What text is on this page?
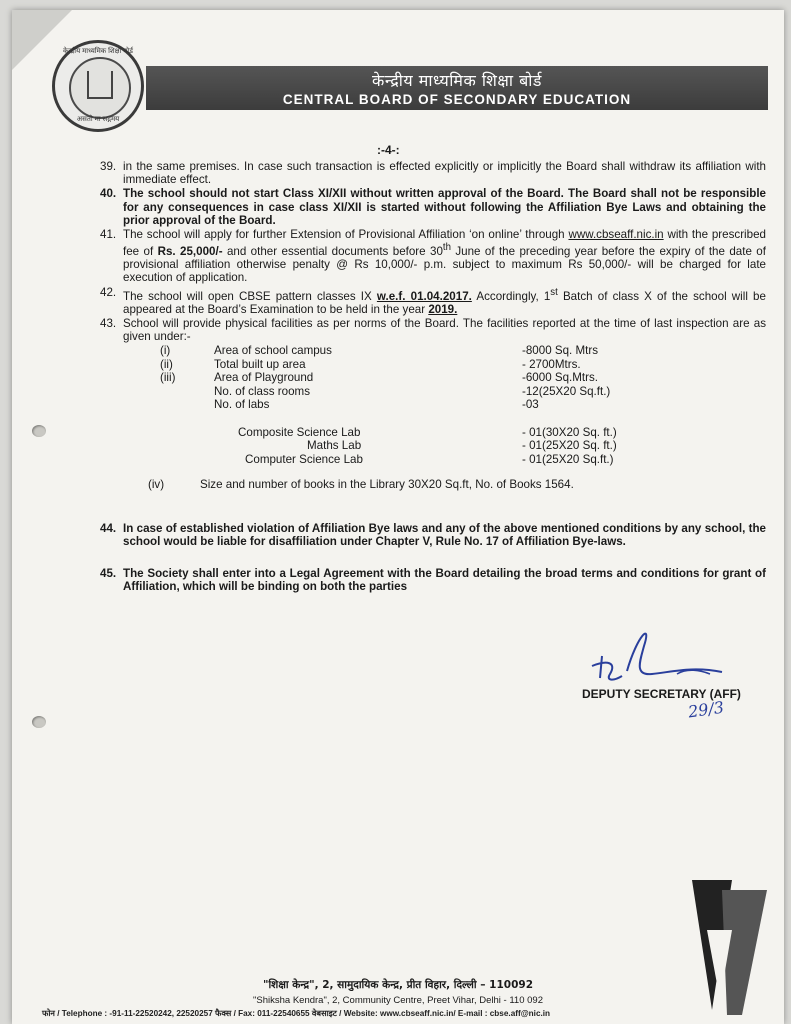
केन्द्रीय माध्यमिक शिक्षा बोर्ड
असतो मा सद्गमय
केन्द्रीय माध्यमिक शिक्षा बोर्ड
CENTRAL BOARD OF SECONDARY EDUCATION
:-4-:
39. in the same premises. In case such transaction is effected explicitly or implicitly the Board shall withdraw its affiliation with immediate effect.
40. The school should not start Class XI/XII without written approval of the Board. The Board shall not be responsible for any consequences in case class XI/XII is started without following the Affiliation Bye Laws and obtaining the prior approval of the Board.
41. The school will apply for further Extension of Provisional Affiliation ‘on online’ through www.cbseaff.nic.in with the prescribed fee of Rs. 25,000/- and other essential documents before 30th June of the preceding year before the expiry of the date of provisional affiliation otherwise penalty @ Rs 10,000/- p.m. subject to maximum Rs 50,000/- will be charged for late execution of application.
42. The school will open CBSE pattern classes IX w.e.f. 01.04.2017. Accordingly, 1st Batch of class X of the school will be appeared at the Board’s Examination to be held in the year 2019.
43. School will provide physical facilities as per norms of the Board. The facilities reported at the time of last inspection are as given under:-
(i)	Area of school campus	-8000 Sq. Mtrs
(ii)	Total built up area	- 2700Mtrs.
(iii)	Area of Playground	-6000 Sq.Mtrs.
No. of class rooms	-12(25X20 Sq.ft.)
No. of labs	-03
Composite Science Lab	- 01(30X20 Sq. ft.)
Maths Lab	- 01(25X20 Sq. ft.)
Computer Science Lab	- 01(25X20 Sq.ft.)
(iv)	Size and number of books in the Library 30X20 Sq.ft, No. of Books 1564.
44. In case of established violation of Affiliation Bye laws and any of the above mentioned conditions by any school, the school would be liable for disaffiliation under Chapter V, Rule No. 17 of Affiliation Bye-laws.
45. The Society shall enter into a Legal Agreement with the Board detailing the broad terms and conditions for grant of Affiliation, which will be binding on both the parties
DEPUTY SECRETARY (AFF)
29/3
"शिक्षा केन्द्र", 2, सामुदायिक केन्द्र, प्रीत विहार, दिल्ली – 110092
"Shiksha Kendra", 2, Community Centre, Preet Vihar, Delhi - 110 092
फोन / Telephone : -91-11-22520242, 22520257 फैक्स / Fax: 011-22540655 वेबसाइट / Website: www.cbseaff.nic.in/ E-mail : cbse.aff@nic.in
